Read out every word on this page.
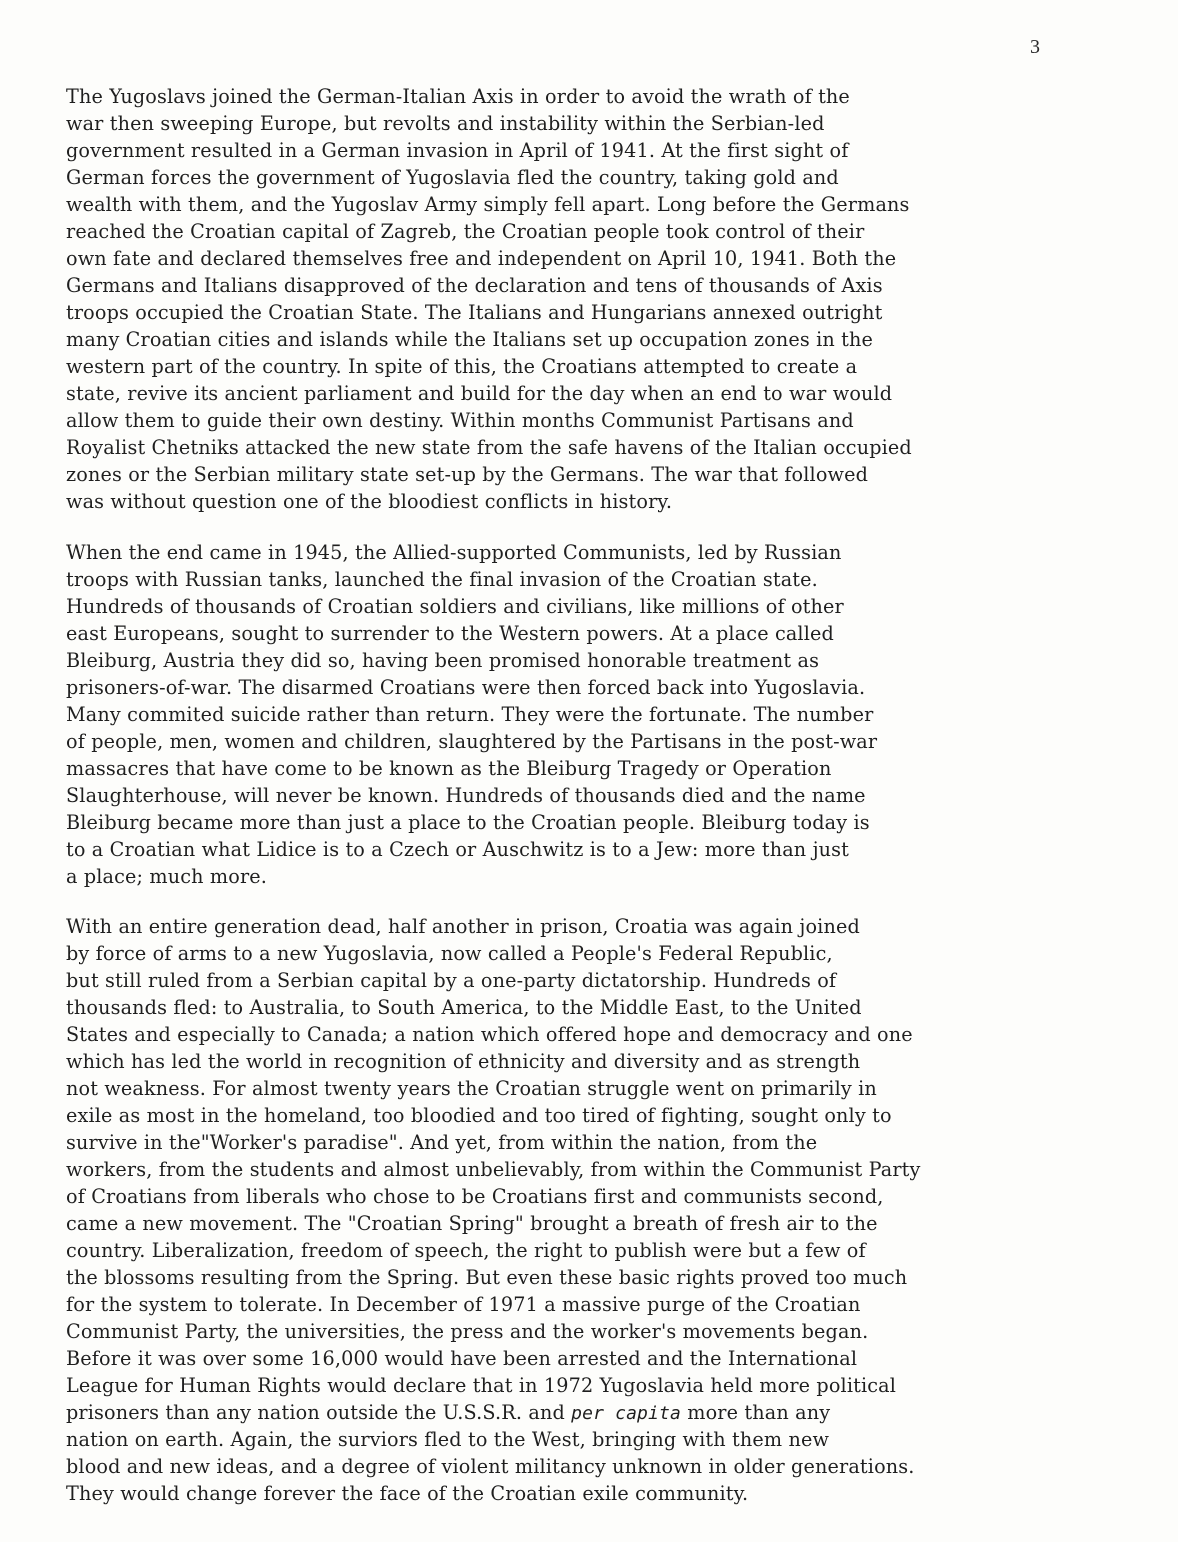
3
The Yugoslavs joined the German-Italian Axis in order to avoid the wrath of the
war then sweeping Europe, but revolts and instability within the Serbian-led
government resulted in a German invasion in April of 1941. At the first sight of
German forces the government of Yugoslavia fled the country, taking gold and
wealth with them, and the Yugoslav Army simply fell apart. Long before the Germans
reached the Croatian capital of Zagreb, the Croatian people took control of their
own fate and declared themselves free and independent on April 10, 1941. Both the
Germans and Italians disapproved of the declaration and tens of thousands of Axis
troops occupied the Croatian State. The Italians and Hungarians annexed outright
many Croatian cities and islands while the Italians set up occupation zones in the
western part of the country. In spite of this, the Croatians attempted to create a
state, revive its ancient parliament and build for the day when an end to war would
allow them to guide their own destiny. Within months Communist Partisans and
Royalist Chetniks attacked the new state from the safe havens of the Italian occupied
zones or the Serbian military state set-up by the Germans. The war that followed
was without question one of the bloodiest conflicts in history.
When the end came in 1945, the Allied-supported Communists, led by Russian
troops with Russian tanks, launched the final invasion of the Croatian state.
Hundreds of thousands of Croatian soldiers and civilians, like millions of other
east Europeans, sought to surrender to the Western powers. At a place called
Bleiburg, Austria they did so, having been promised honorable treatment as
prisoners-of-war. The disarmed Croatians were then forced back into Yugoslavia.
Many commited suicide rather than return. They were the fortunate. The number
of people, men, women and children, slaughtered by the Partisans in the post-war
massacres that have come to be known as the Bleiburg Tragedy or Operation
Slaughterhouse, will never be known. Hundreds of thousands died and the name
Bleiburg became more than just a place to the Croatian people. Bleiburg today is
to a Croatian what Lidice is to a Czech or Auschwitz is to a Jew: more than just
a place; much more.
With an entire generation dead, half another in prison, Croatia was again joined
by force of arms to a new Yugoslavia, now called a People's Federal Republic,
but still ruled from a Serbian capital by a one-party dictatorship. Hundreds of
thousands fled: to Australia, to South America, to the Middle East, to the United
States and especially to Canada; a nation which offered hope and democracy and one
which has led the world in recognition of ethnicity and diversity and as strength
not weakness. For almost twenty years the Croatian struggle went on primarily in
exile as most in the homeland, too bloodied and too tired of fighting, sought only to
survive in the"Worker's paradise". And yet, from within the nation, from the
workers, from the students and almost unbelievably, from within the Communist Party
of Croatians from liberals who chose to be Croatians first and communists second,
came a new movement. The "Croatian Spring" brought a breath of fresh air to the
country. Liberalization, freedom of speech, the right to publish were but a few of
the blossoms resulting from the Spring. But even these basic rights proved too much
for the system to tolerate. In December of 1971 a massive purge of the Croatian
Communist Party, the universities, the press and the worker's movements began.
Before it was over some 16,000 would have been arrested and the International
League for Human Rights would declare that in 1972 Yugoslavia held more political
prisoners than any nation outside the U.S.S.R. and per capita more than any
nation on earth. Again, the surviors fled to the West, bringing with them new
blood and new ideas, and a degree of violent militancy unknown in older generations.
They would change forever the face of the Croatian exile community.
